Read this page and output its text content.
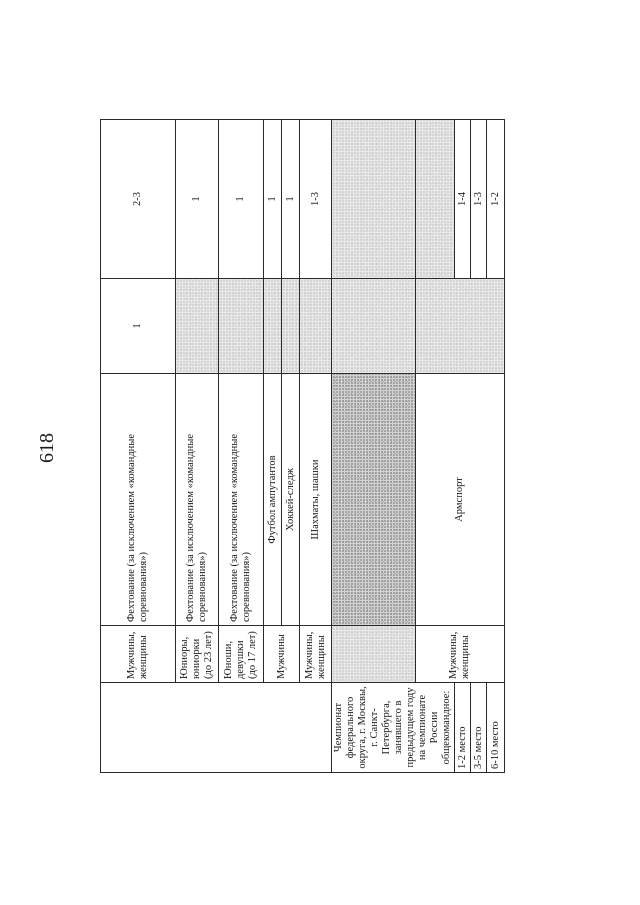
618
	Мужчины, женщины	Фехтование (за исключением «командные соревнования»)	1	2-3
	Юниоры, юниорки (до 23 лет)	Фехтование (за исключением «командные соревнования»)		1
	Юноши, девушки (до 17 лет)	Фехтование (за исключением «командные соревнования»)		1
	Мужчины	Футбол ампутантов		1
		Хоккей-следж		1
	Мужчины, женщины	Шахматы, шашки		1-3
Чемпионат федерального округа, г. Москвы, г. Санкт-Петербурга, занявшего в предыдущем году на чемпионате России общекомандное:				
	Мужчины, женщины	Армспорт		
1-2 место				1-4
3-5 место				1-3
6-10 место				1-2
